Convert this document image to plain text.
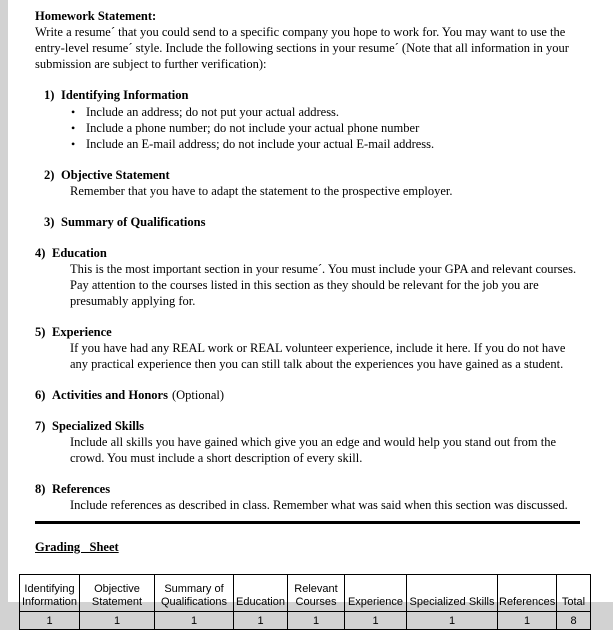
Homework Statement:
Write a resume´ that you could send to a specific company you hope to work for. You may want to use the entry-level resume´ style. Include the following sections in your resume´ (Note that all information in your submission are subject to further verification):
1) Identifying Information
• Include an address; do not put your actual address.
• Include a phone number; do not include your actual phone number
• Include an E-mail address; do not include your actual E-mail address.
2) Objective Statement
Remember that you have to adapt the statement to the prospective employer.
3) Summary of Qualifications
4) Education
This is the most important section in your resume´. You must include your GPA and relevant courses. Pay attention to the courses listed in this section as they should be relevant for the job you are presumably applying for.
5) Experience
If you have had any REAL work or REAL volunteer experience, include it here. If you do not have any practical experience then you can still talk about the experiences you have gained as a student.
6) Activities and Honors (Optional)
7) Specialized Skills
Include all skills you have gained which give you an edge and would help you stand out from the crowd. You must include a short description of every skill.
8) References
Include references as described in class. Remember what was said when this section was discussed.
Grading   Sheet
Identifying Information	Objective Statement	Summary of Qualifications	Education	Relevant Courses	Experience	Specialized Skills	References	Total
1	1	1	1	1	1	1	1	8
